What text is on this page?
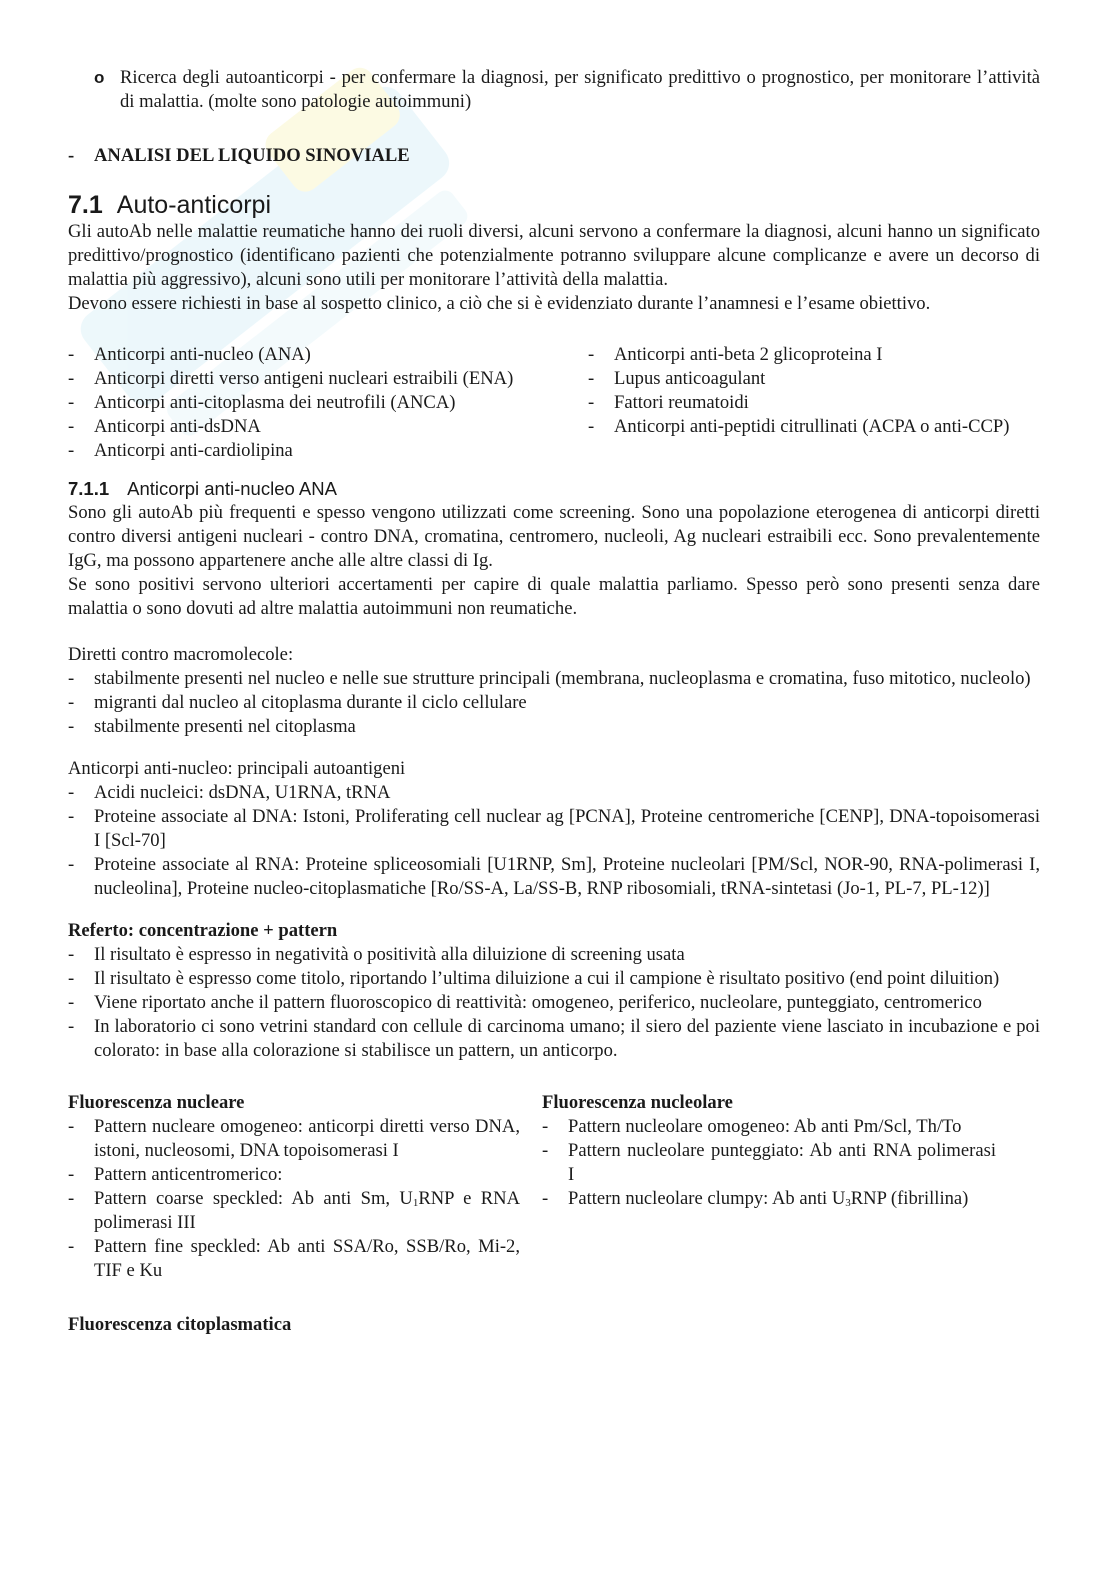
o Ricerca degli autoanticorpi - per confermare la diagnosi, per significato predittivo o prognostico, per monitorare l’attività di malattia. (molte sono patologie autoimmuni)

- ANALISI DEL LIQUIDO SINOVIALE
7.1 Auto-anticorpi

Gli autoAb nelle malattie reumatiche hanno dei ruoli diversi, alcuni servono a confermare la diagnosi, alcuni hanno un significato predittivo/prognostico (identificano pazienti che potenzialmente potranno sviluppare alcune complicanze e avere un decorso di malattia più aggressivo), alcuni sono utili per monitorare l’attività della malattia.

Devono essere richiesti in base al sospetto clinico, a ciò che si è evidenziato durante l’anamnesi e l’esame obiettivo.

- Anticorpi anti-nucleo (ANA)
- Anticorpi diretti verso antigeni nucleari estraibili (ENA)
- Anticorpi anti-citoplasma dei neutrofili (ANCA)
- Anticorpi anti-dsDNA
- Anticorpi anti-cardiolipina
- Anticorpi anti-beta 2 glicoproteina I
- Lupus anticoagulant
- Fattori reumatoidi
- Anticorpi anti-peptidi citrullinati (ACPA o anti-CCP)
7.1.1 Anticorpi anti-nucleo ANA

Sono gli autoAb più frequenti e spesso vengono utilizzati come screening. Sono una popolazione eterogenea di anticorpi diretti contro diversi antigeni nucleari - contro DNA, cromatina, centromero, nucleoli, Ag nucleari estraibili ecc. Sono prevalentemente IgG, ma possono appartenere anche alle altre classi di Ig.

Se sono positivi servono ulteriori accertamenti per capire di quale malattia parliamo. Spesso però sono presenti senza dare malattia o sono dovuti ad altre malattia autoimmuni non reumatiche.

Diretti contro macromolecole:

- stabilmente presenti nel nucleo e nelle sue strutture principali (membrana, nucleoplasma e cromatina, fuso mitotico, nucleolo)
- migranti dal nucleo al citoplasma durante il ciclo cellulare
- stabilmente presenti nel citoplasma

Anticorpi anti-nucleo: principali autoantigeni

- Acidi nucleici: dsDNA, U1RNA, tRNA
- Proteine associate al DNA: Istoni, Proliferating cell nuclear ag [PCNA], Proteine centromeriche [CENP], DNA-topoisomerasi I [Scl-70]
- Proteine associate al RNA: Proteine spliceosomiali [U1RNP, Sm], Proteine nucleolari [PM/Scl, NOR-90, RNA-polimerasi I, nucleolina], Proteine nucleo-citoplasmatiche [Ro/SS-A, La/SS-B, RNP ribosomiali, tRNA-sintetasi (Jo-1, PL-7, PL-12)]

Referto: concentrazione + pattern

- Il risultato è espresso in negatività o positività alla diluizione di screening usata
- Il risultato è espresso come titolo, riportando l’ultima diluizione a cui il campione è risultato positivo (end point diluition)
- Viene riportato anche il pattern fluoroscopico di reattività: omogeneo, periferico, nucleolare, punteggiato, centromerico
- In laboratorio ci sono vetrini standard con cellule di carcinoma umano; il siero del paziente viene lasciato in incubazione e poi colorato: in base alla colorazione si stabilisce un pattern, un anticorpo.

Fluorescenza nucleare

- Pattern nucleare omogeneo: anticorpi diretti verso DNA, istoni, nucleosomi, DNA topoisomerasi I
- Pattern anticentromerico:
- Pattern coarse speckled: Ab anti Sm, $U_1RNP$ e RNA polimerasi III
- Pattern fine speckled: Ab anti SSA/Ro, SSB/Ro, Mi-2, TIF e Ku

Fluorescenza nucleolare

- Pattern nucleolare omogeneo: Ab anti Pm/Scl, Th/To
- Pattern nucleolare punteggiato: Ab anti RNA polimerasi I
- Pattern nucleolare clumpy: Ab anti $U_3RNP$ (fibrillina)

Fluorescenza citoplasmatica
